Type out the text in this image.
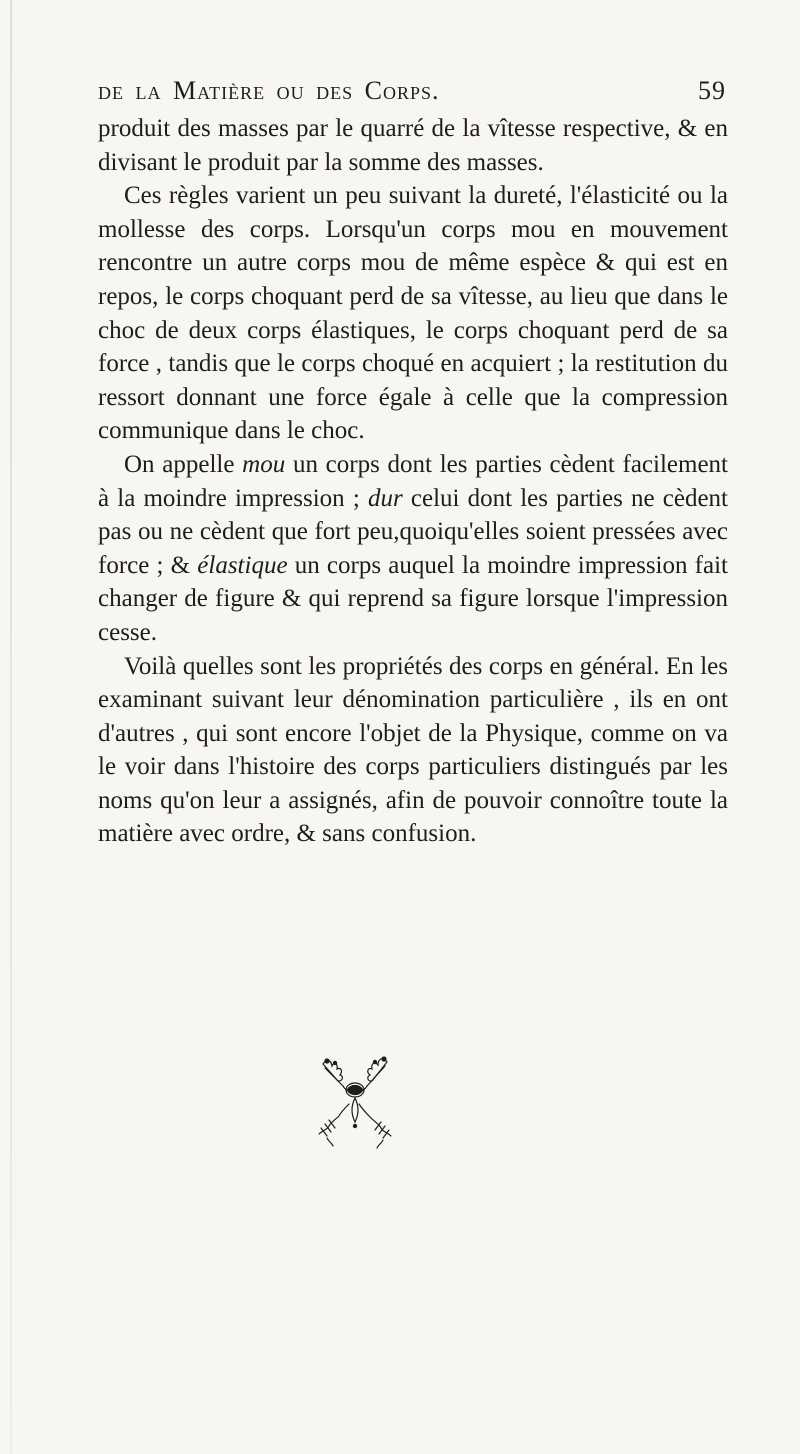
de la Matière ou des Corps.	59

produit des masses par le quarré de la vîtesse respective, & en divisant le produit par la somme des masses.

Ces règles varient un peu suivant la dureté, l'élasticité ou la mollesse des corps. Lorsqu'un corps mou en mouvement rencontre un autre corps mou de même espèce & qui est en repos, le corps choquant perd de sa vîtesse, au lieu que dans le choc de deux corps élastiques, le corps choquant perd de sa force , tandis que le corps choqué en acquiert ; la restitution du ressort donnant une force égale à celle que la compression communique dans le choc.

On appelle mou un corps dont les parties cèdent facilement à la moindre impression ; dur celui dont les parties ne cèdent pas ou ne cèdent que fort peu,quoiqu'elles soient pressées avec force ; & élastique un corps auquel la moindre impression fait changer de figure & qui reprend sa figure lorsque l'impression cesse.

Voilà quelles sont les propriétés des corps en général. En les examinant suivant leur dénomination particulière , ils en ont d'autres , qui sont encore l'objet de la Physique, comme on va le voir dans l'histoire des corps particuliers distingués par les noms qu'on leur a assignés, afin de pouvoir connoître toute la matière avec ordre, & sans confusion.
